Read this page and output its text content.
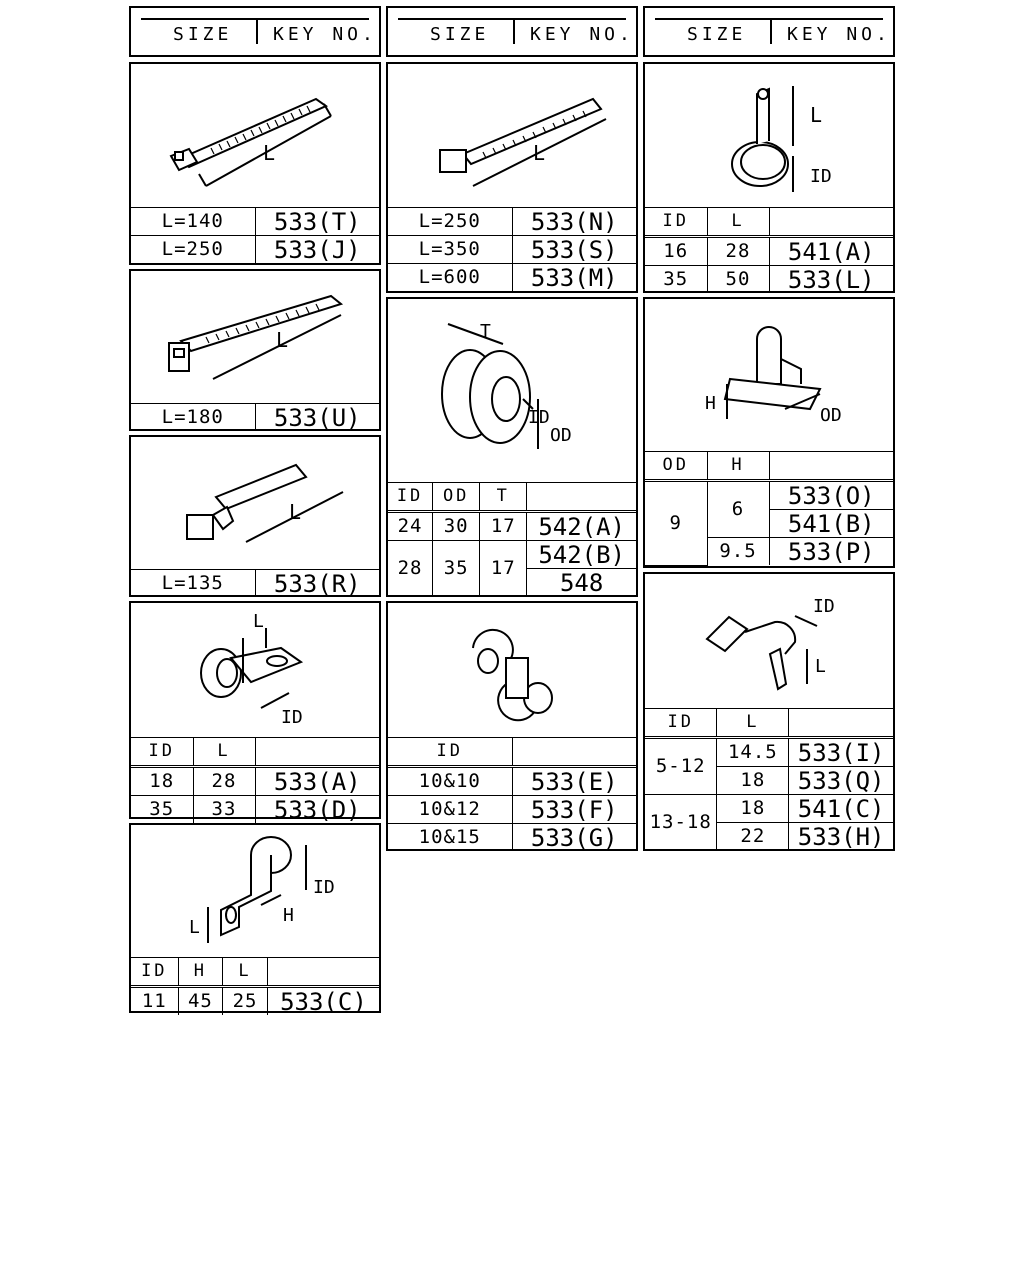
SIZE KEY NO.	SIZE KEY NO.	SIZE KEY NO.
L
L=140	533(T)
L=250	533(J)
L
L=180	533(U)
L
L=135	533(R)
L
ID
ID	L	
18	28	533(A)
35	33	533(D)
ID
H
L
ID	H	L	
11	45	25	533(C)
L
L=250	533(N)
L=350	533(S)
L=600	533(M)
T
ID
OD
ID	OD	T	
24	30	17	542(A)
28	35	17	542(B)
			548
ID	
10&10	533(E)
10&12	533(F)
10&15	533(G)
L
ID
ID	L	
16	28	541(A)
35	50	533(L)
H
OD
OD	H	
9	6	533(O)
		541(B)
	9.5	533(P)
ID
L
ID	L	
5-12	14.5	533(I)
	18	533(Q)
13-18	18	541(C)
	22	533(H)
